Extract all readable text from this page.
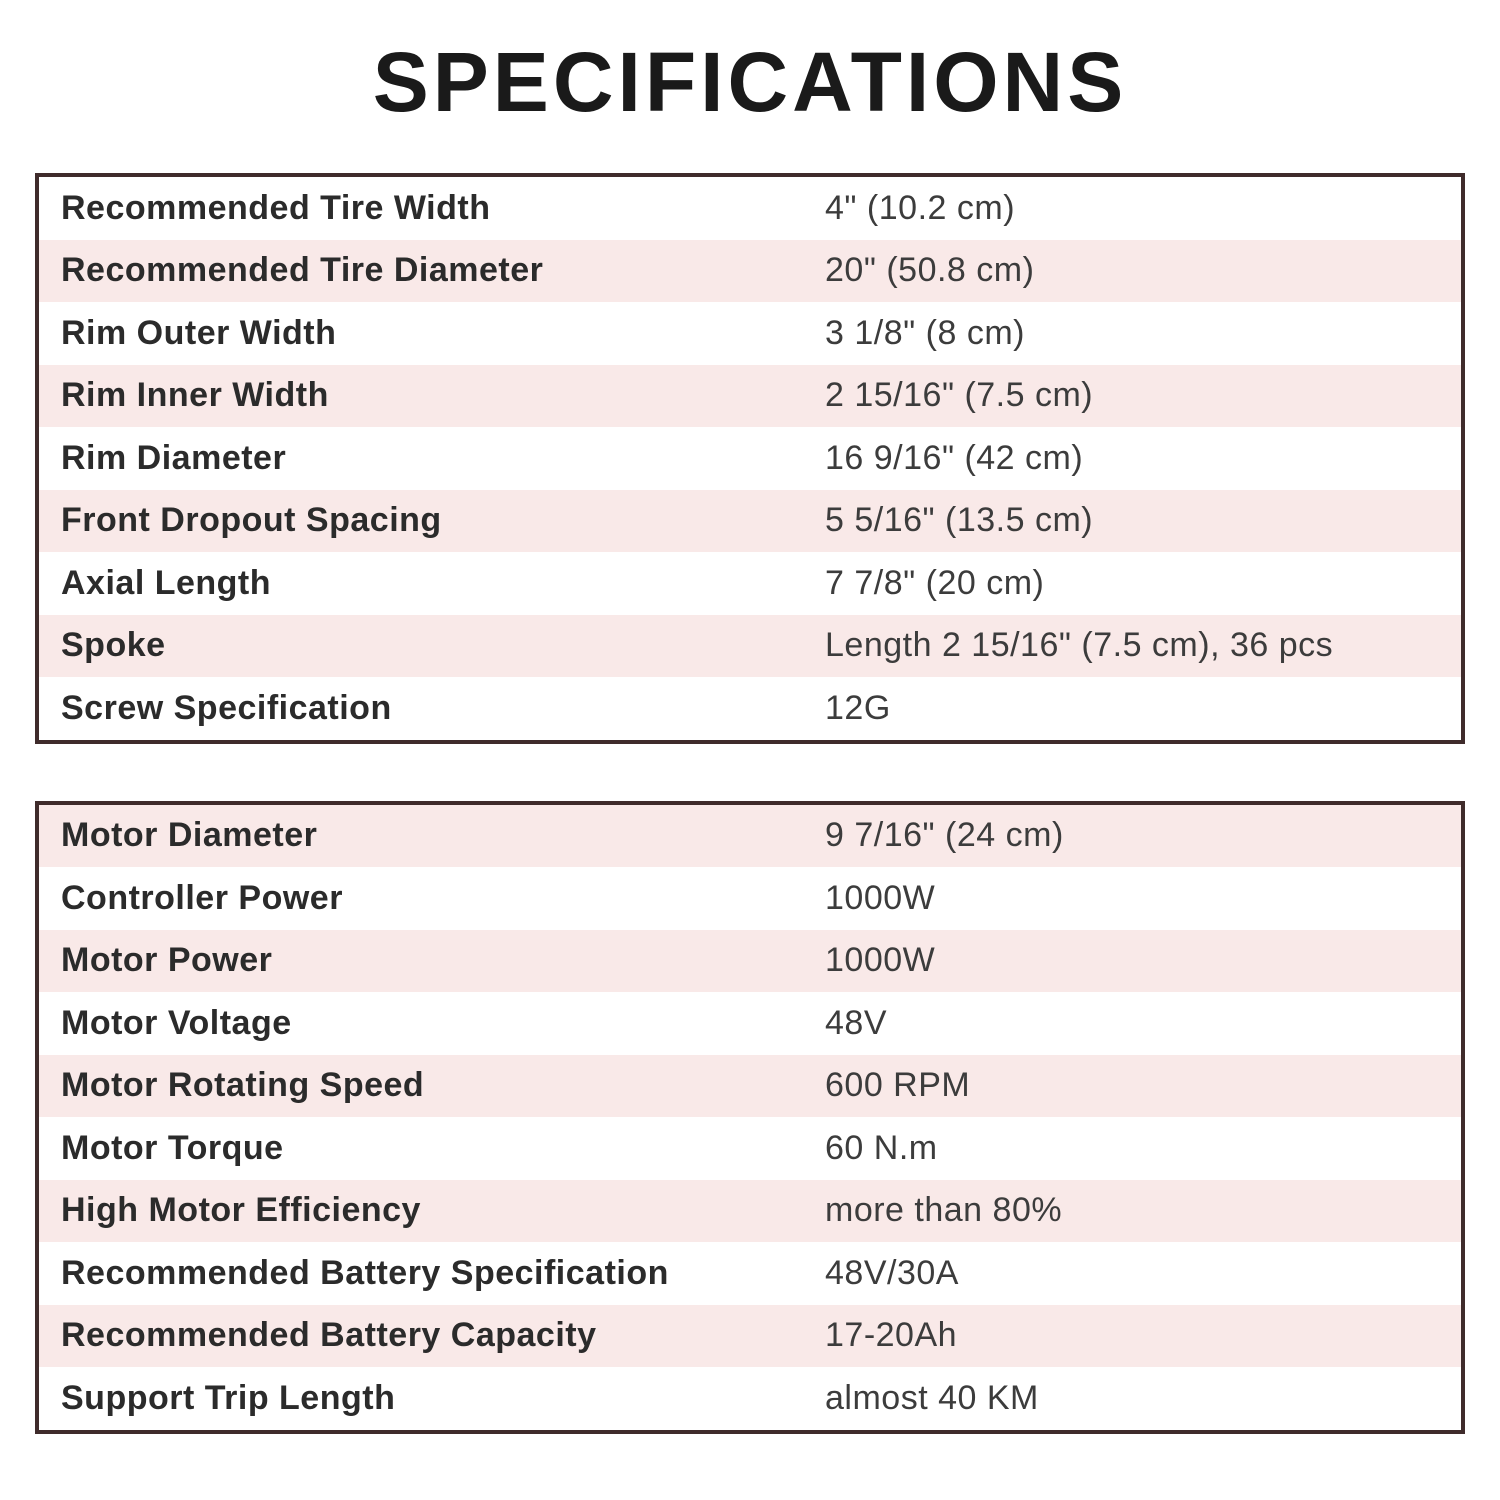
SPECIFICATIONS
Recommended Tire Width	4" (10.2 cm)
Recommended Tire Diameter	20" (50.8 cm)
Rim Outer Width	3 1/8" (8 cm)
Rim Inner Width	2 15/16" (7.5 cm)
Rim Diameter	16 9/16" (42 cm)
Front Dropout Spacing	5 5/16" (13.5 cm)
Axial Length	7 7/8" (20 cm)
Spoke	Length 2 15/16" (7.5 cm), 36 pcs
Screw Specification	12G
Motor Diameter	9 7/16" (24 cm)
Controller Power	1000W
Motor Power	1000W
Motor Voltage	48V
Motor Rotating Speed	600 RPM
Motor Torque	60 N.m
High Motor Efficiency	more than 80%
Recommended Battery Specification	48V/30A
Recommended Battery Capacity	17-20Ah
Support Trip Length	almost 40 KM
